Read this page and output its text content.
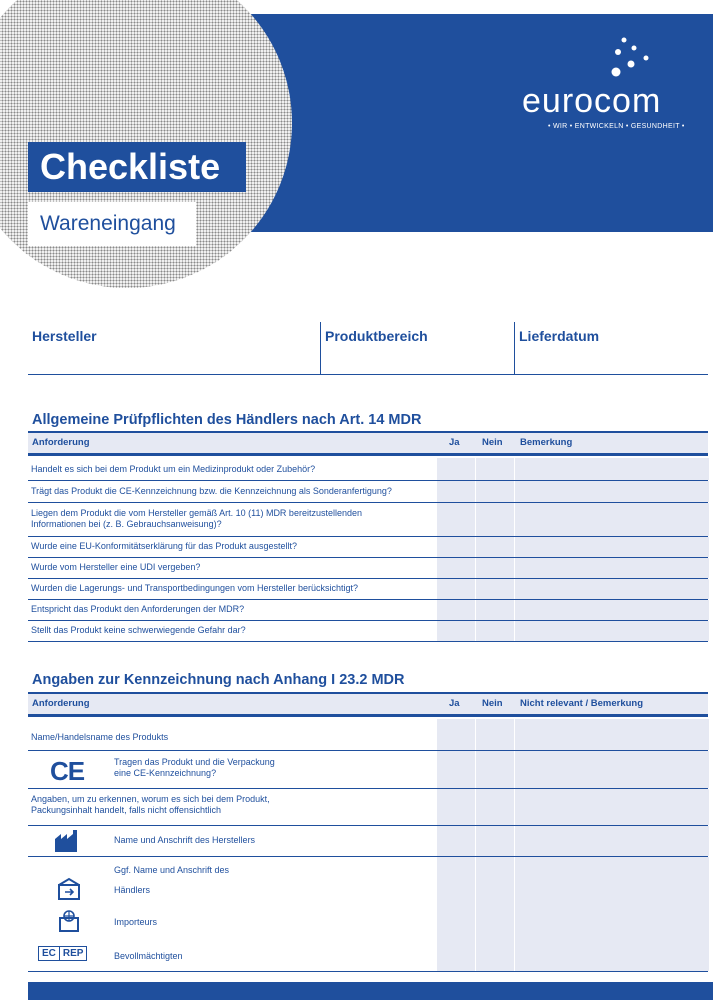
Checkliste
Wareneingang
eurocom
• WIR • ENTWICKELN • GESUNDHEIT •
Hersteller	Produktbereich	Lieferdatum
Allgemeine Prüfpflichten des Händlers nach Art. 14 MDR
Anforderung	Ja Nein Bemerkung
Handelt es sich bei dem Produkt um ein Medizinprodukt oder Zubehör?
Trägt das Produkt die CE-Kennzeichnung bzw. die Kennzeichnung als Sonderanfertigung?
Liegen dem Produkt die vom Hersteller gemäß Art. 10 (11) MDR bereitzustellenden
Informationen bei (z. B. Gebrauchsanweisung)?
Wurde eine EU-Konformitätserklärung für das Produkt ausgestellt?
Wurde vom Hersteller eine UDI vergeben?
Wurden die Lagerungs- und Transportbedingungen vom Hersteller berücksichtigt?
Entspricht das Produkt den Anforderungen der MDR?
Stellt das Produkt keine schwerwiegende Gefahr dar?
Angaben zur Kennzeichnung nach Anhang I 23.2 MDR
Anforderung	Ja Nein Nicht relevant / Bemerkung
Name/Handelsname des Produkts
CE	Tragen das Produkt und die Verpackung
eine CE-Kennzeichnung?
Angaben, um zu erkennen, worum es sich bei dem Produkt,
Packungsinhalt handelt, falls nicht offensichtlich
Name und Anschrift des Herstellers
Ggf. Name und Anschrift des
Händlers
Importeurs
EC REP	Bevollmächtigten
